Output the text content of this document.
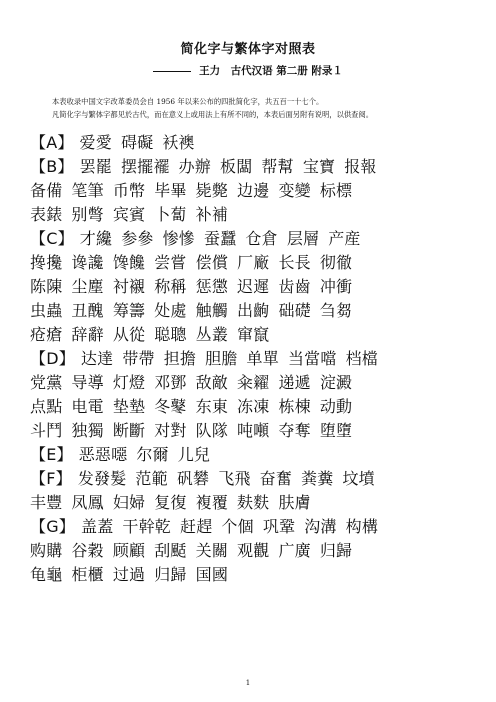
简化字与繁体字对照表
王力　古代汉语 第二册 附录１
本表收录中国文字改革委员会自 1956 年以来公布的四批简化字，共五百一十七个。
凡简化字与繁体字都见於古代，而在意义上或用法上有所不同的，本表后面另附有说明，以供查阅。
【A】 爱愛 碍礙 袄襖
【B】 罢罷 摆擺襬 办辦 板闆 帮幫 宝寶 报報
备備 笔筆 币幣 毕畢 毙斃 边邊 变變 标標
表錶 别彆 宾賓 卜蔔 补補
【C】 才纔 参參 惨慘 蚕蠶 仓倉 层層 产産
搀攙 谗讒 馋饞 尝嘗 偿償 厂廠 长長 彻徹
陈陳 尘塵 衬襯 称稱 惩懲 迟遲 齿齒 冲衝
虫蟲 丑醜 筹籌 处處 触觸 出齣 础礎 刍芻
疮瘡 辞辭 从從 聪聰 丛叢 窜竄
【D】 达達 带帶 担擔 胆膽 单單 当當噹 档檔
党黨 导導 灯燈 邓鄧 敌敵 籴糴 递遞 淀澱
点點 电電 垫墊 冬鼕 东東 冻凍 栋棟 动動
斗鬥 独獨 断斷 对對 队隊 吨噸 夺奪 堕墮
【E】 恶惡噁 尔爾 儿兒
【F】 发發髮 范範 矾礬 飞飛 奋奮 粪糞 坟墳
丰豐 凤鳳 妇婦 复復 複覆 麸麩 肤膚
【G】 盖蓋 干幹乾 赶趕 个個 巩鞏 沟溝 构構
购購 谷穀 顾顧 刮颳 关關 观觀 广廣 归歸
龟龜 柜櫃 过過 归歸 国國
1
